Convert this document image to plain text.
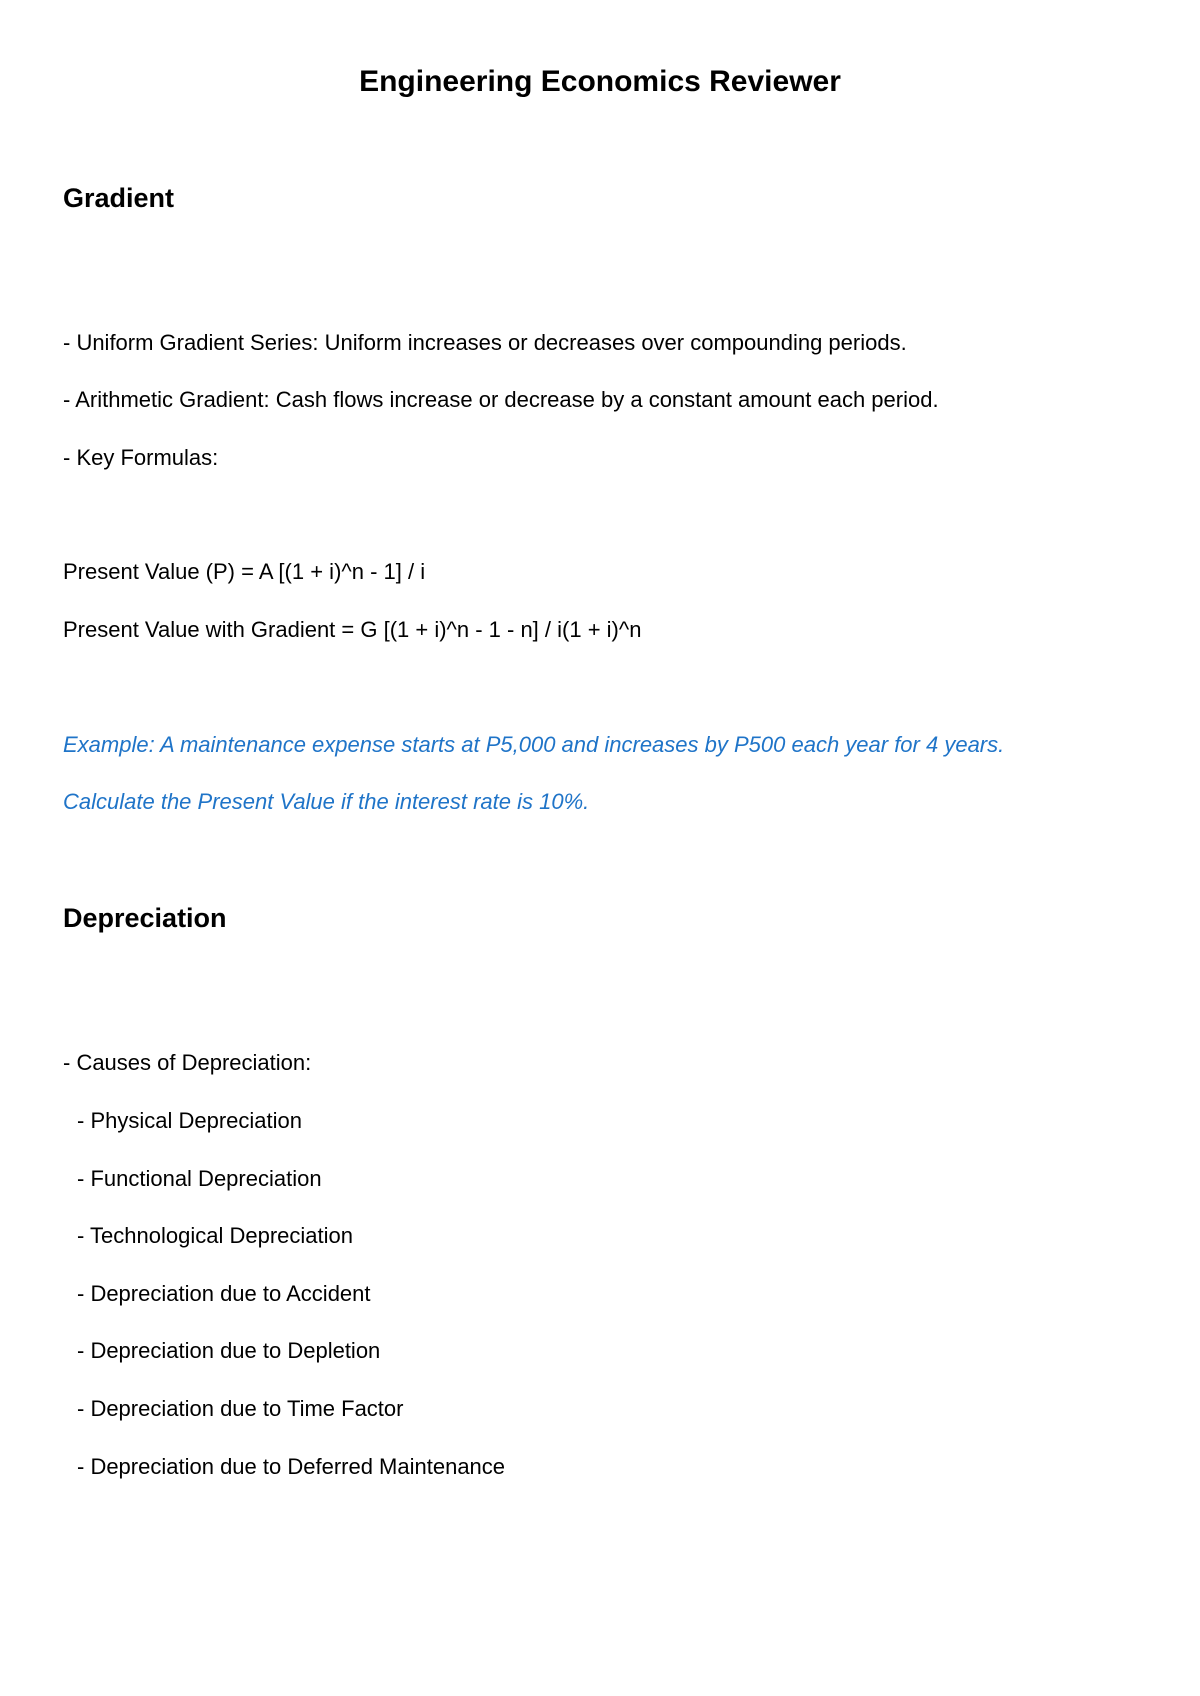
Engineering Economics Reviewer
Gradient

- Uniform Gradient Series: Uniform increases or decreases over compounding periods.

- Arithmetic Gradient: Cash flows increase or decrease by a constant amount each period.

- Key Formulas:

Present Value (P) = A [(1 + i)^n - 1] / i

Present Value with Gradient = G [(1 + i)^n - 1 - n] / i(1 + i)^n

Example: A maintenance expense starts at P5,000 and increases by P500 each year for 4 years.

Calculate the Present Value if the interest rate is 10%.

Depreciation

- Causes of Depreciation:

- Physical Depreciation

- Functional Depreciation

- Technological Depreciation

- Depreciation due to Accident

- Depreciation due to Depletion

- Depreciation due to Time Factor

- Depreciation due to Deferred Maintenance
